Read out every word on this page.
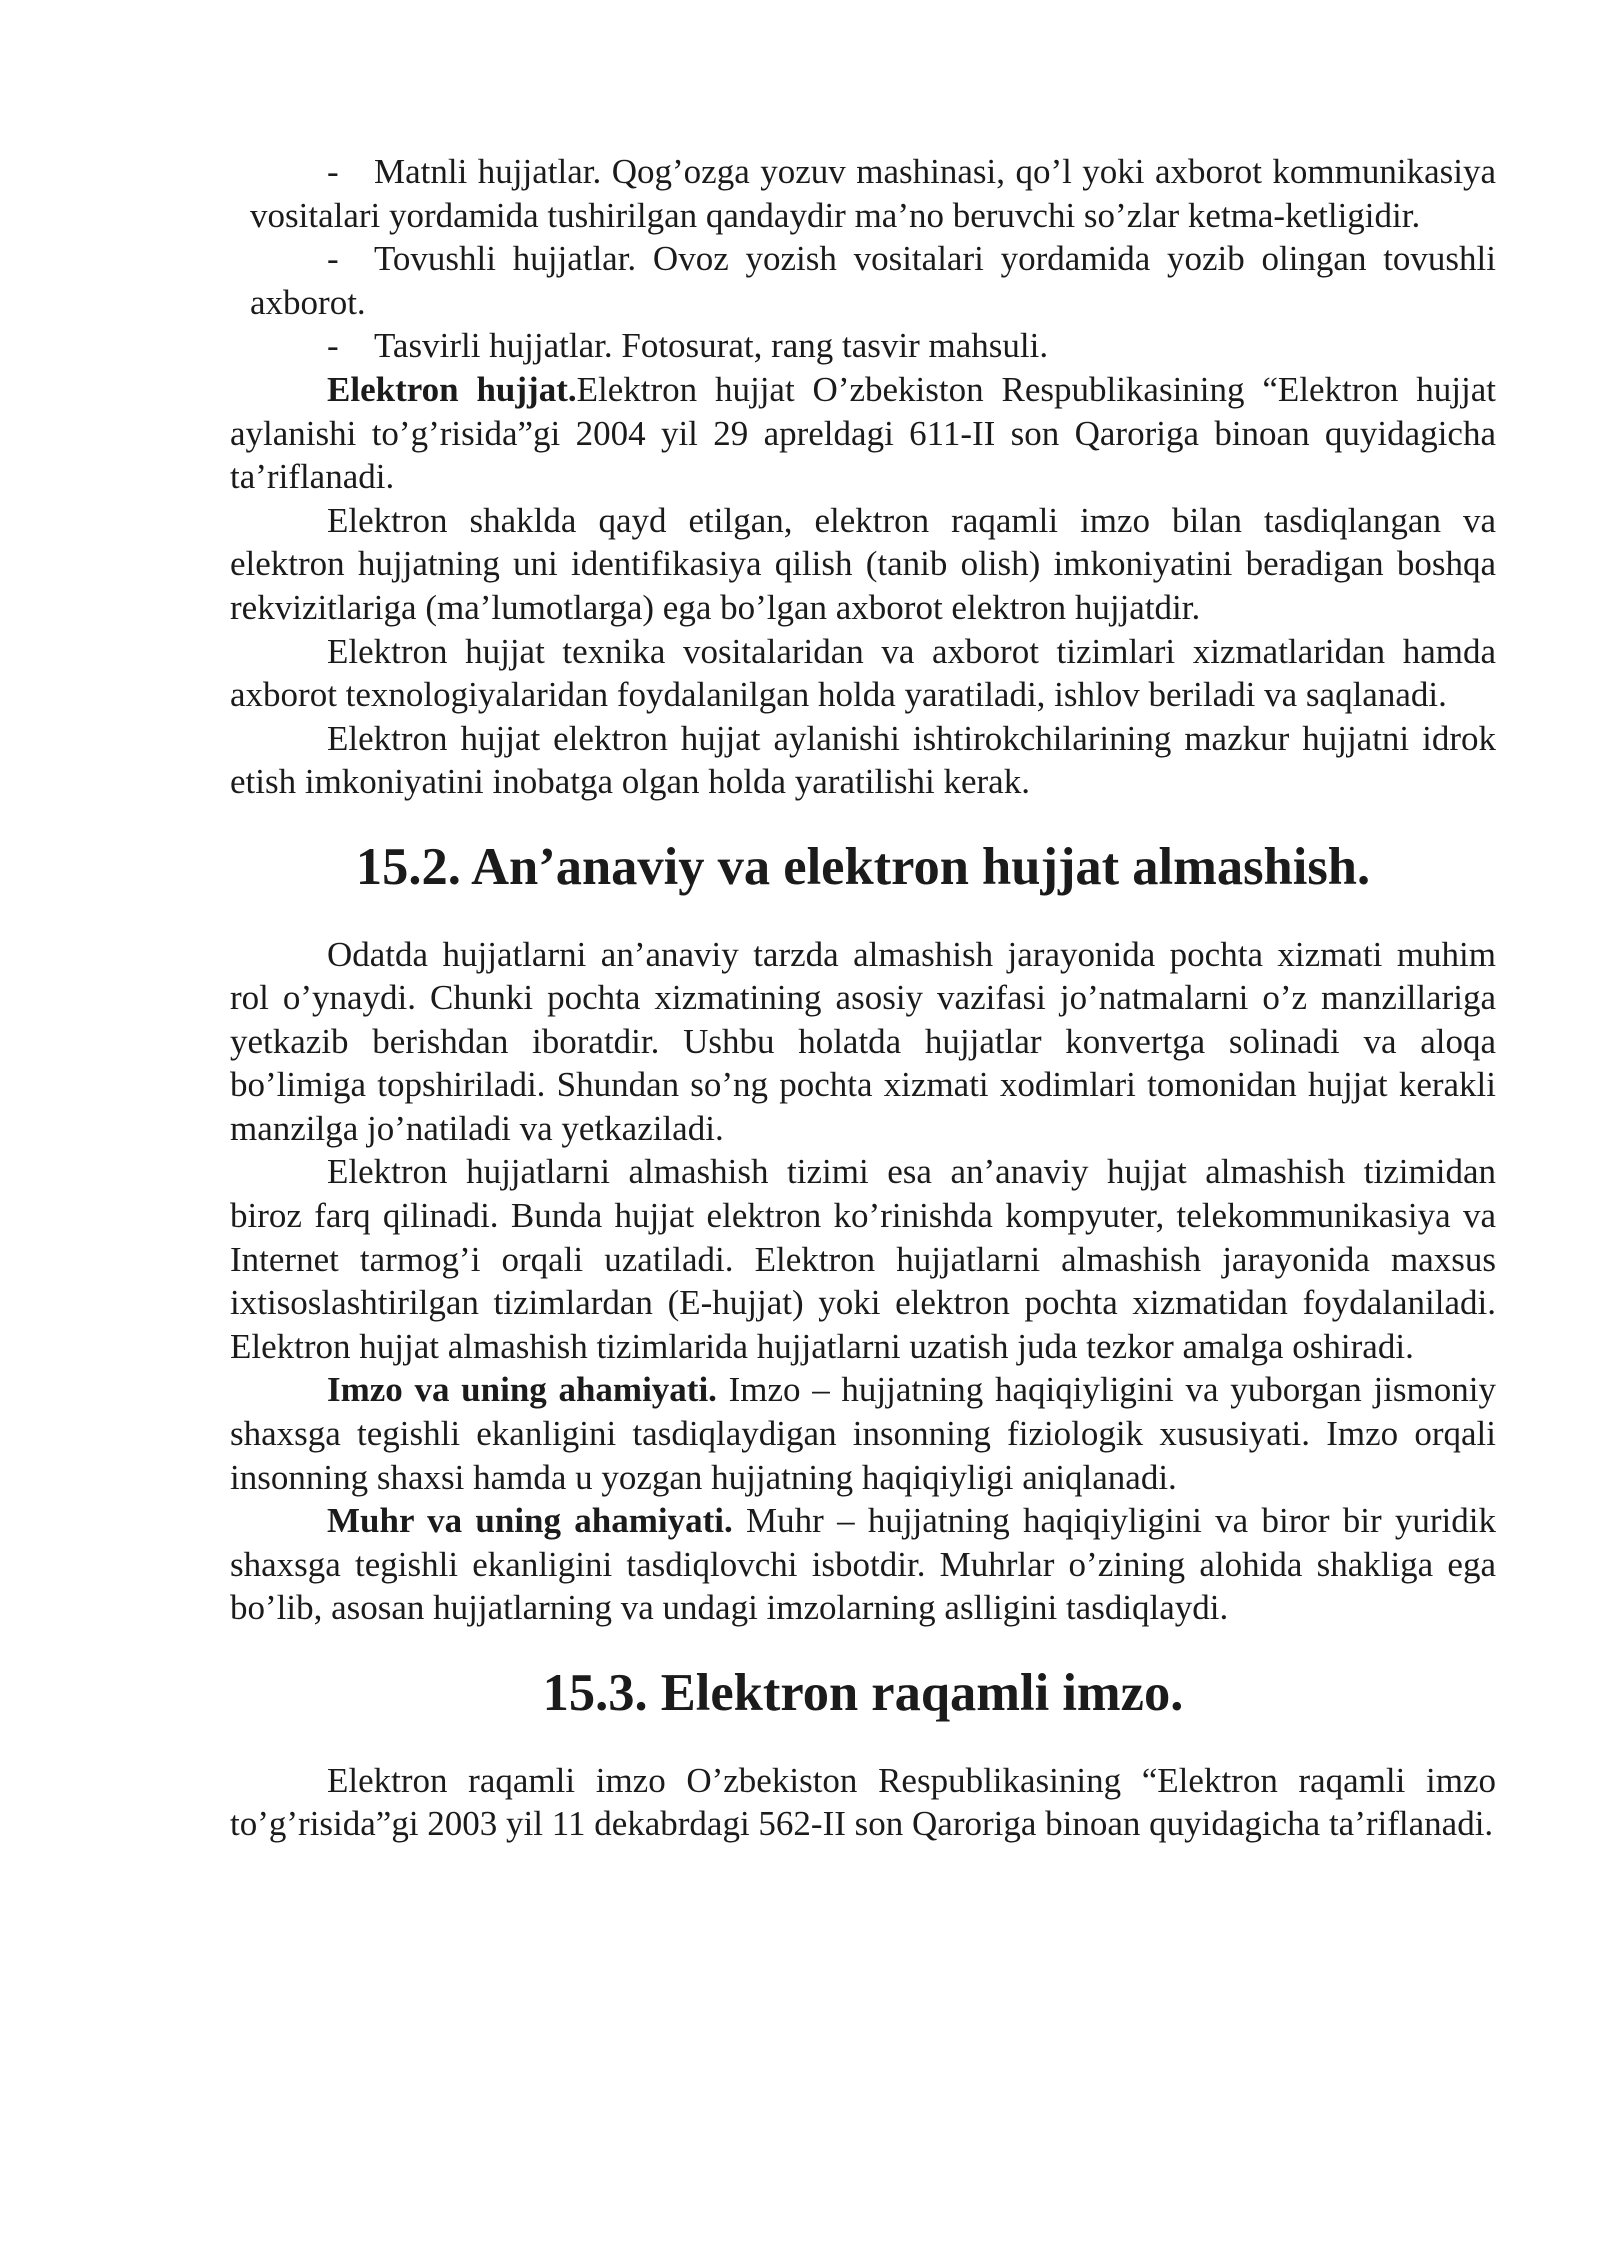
- Matnli hujjatlar. Qog’ozga yozuv mashinasi, qo’l yoki axborot kommunikasiya vositalari yordamida tushirilgan qandaydir ma’no beruvchi so’zlar ketma-ketligidir.

- Tovushli hujjatlar. Ovoz yozish vositalari yordamida yozib olingan tovushli axborot.

- Tasvirli hujjatlar. Fotosurat, rang tasvir mahsuli.

Elektron hujjat.Elektron hujjat O’zbekiston Respublikasining “Elektron hujjat aylanishi to’g’risida”gi 2004 yil 29 apreldagi 611-II son Qaroriga binoan quyidagicha ta’riflanadi.

Elektron shaklda qayd etilgan, elektron raqamli imzo bilan tasdiqlangan va elektron hujjatning uni identifikasiya qilish (tanib olish) imkoniyatini beradigan boshqa rekvizitlariga (ma’lumotlarga) ega bo’lgan axborot elektron hujjatdir.

Elektron hujjat texnika vositalaridan va axborot tizimlari xizmatlaridan hamda axborot texnologiyalaridan foydalanilgan holda yaratiladi, ishlov beriladi va saqlanadi.

Elektron hujjat elektron hujjat aylanishi ishtirokchilarining mazkur hujjatni idrok etish imkoniyatini inobatga olgan holda yaratilishi kerak.

15.2. An’anaviy va elektron hujjat almashish.

Odatda hujjatlarni an’anaviy tarzda almashish jarayonida pochta xizmati muhim rol o’ynaydi. Chunki pochta xizmatining asosiy vazifasi jo’natmalarni o’z manzillariga yetkazib berishdan iboratdir. Ushbu holatda hujjatlar konvertga solinadi va aloqa bo’limiga topshiriladi. Shundan so’ng pochta xizmati xodimlari tomonidan hujjat kerakli manzilga jo’natiladi va yetkaziladi.

Elektron hujjatlarni almashish tizimi esa an’anaviy hujjat almashish tizimidan biroz farq qilinadi. Bunda hujjat elektron ko’rinishda kompyuter, telekommunikasiya va Internet tarmog’i orqali uzatiladi. Elektron hujjatlarni almashish jarayonida maxsus ixtisoslashtirilgan tizimlardan (E-hujjat) yoki elektron pochta xizmatidan foydalaniladi. Elektron hujjat almashish tizimlarida hujjatlarni uzatish juda tezkor amalga oshiradi.

Imzo va uning ahamiyati. Imzo – hujjatning haqiqiyligini va yuborgan jismoniy shaxsga tegishli ekanligini tasdiqlaydigan insonning fiziologik xususiyati. Imzo orqali insonning shaxsi hamda u yozgan hujjatning haqiqiyligi aniqlanadi.

Muhr va uning ahamiyati. Muhr – hujjatning haqiqiyligini va biror bir yuridik shaxsga tegishli ekanligini tasdiqlovchi isbotdir. Muhrlar o’zining alohida shakliga ega bo’lib, asosan hujjatlarning va undagi imzolarning aslligini tasdiqlaydi.

15.3. Elektron raqamli imzo.

Elektron raqamli imzo O’zbekiston Respublikasining “Elektron raqamli imzo to’g’risida”gi 2003 yil 11 dekabrdagi 562-II son Qaroriga binoan quyidagicha ta’riflanadi.
